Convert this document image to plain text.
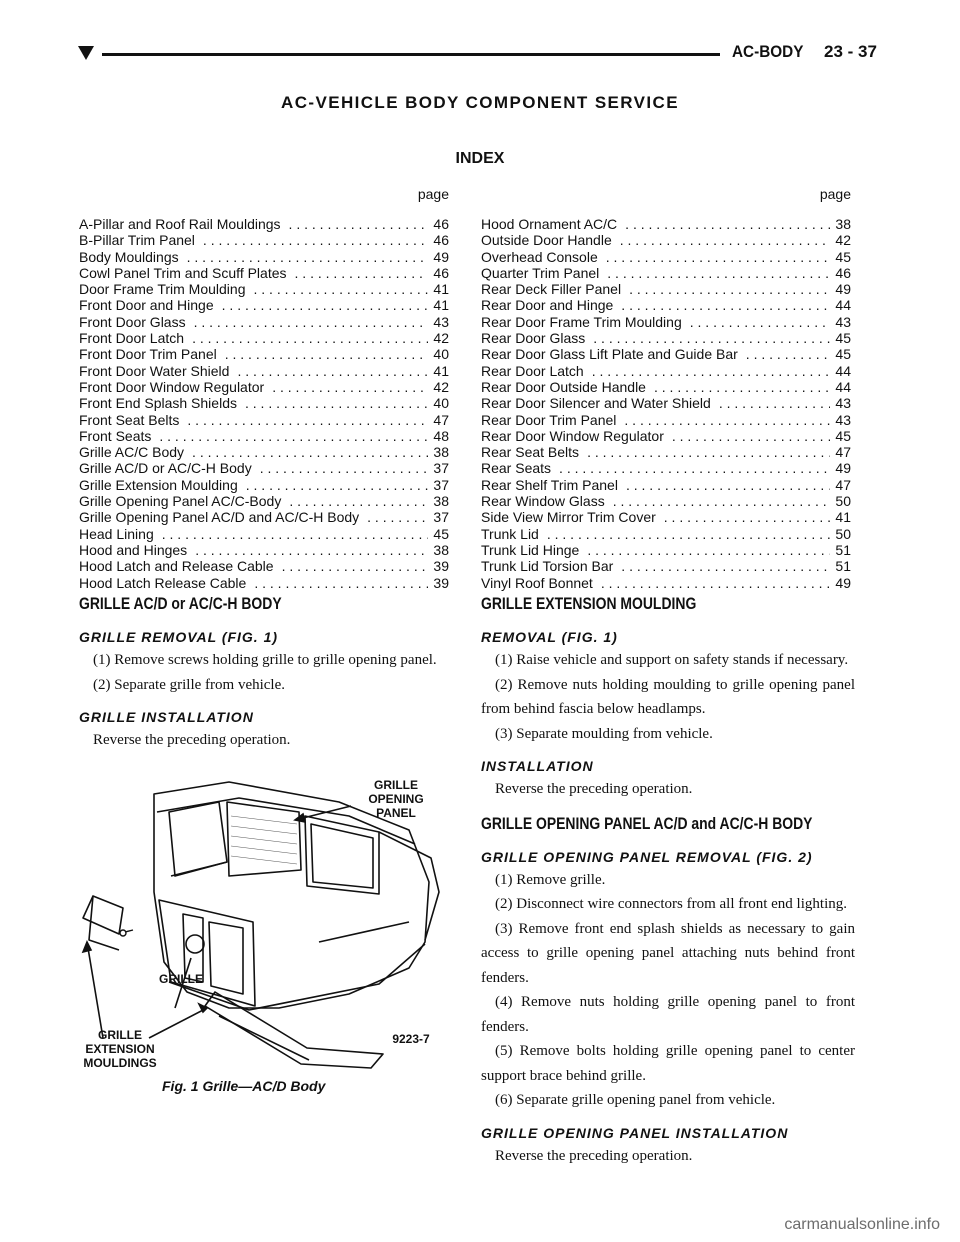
AC-BODY 23 - 37
AC-VEHICLE BODY COMPONENT SERVICE
INDEX
page
A-Pillar and Roof Rail Mouldings . . .	46
B-Pillar Trim Panel . . .	46
Body Mouldings . . .	49
Cowl Panel Trim and Scuff Plates . . .	46
Door Frame Trim Moulding . . .	41
Front Door and Hinge . . .	41
Front Door Glass . . .	43
Front Door Latch . . .	42
Front Door Trim Panel . . .	40
Front Door Water Shield . . .	41
Front Door Window Regulator . . .	42
Front End Splash Shields . . .	40
Front Seat Belts . . .	47
Front Seats . . .	48
Grille AC/C Body . . .	38
Grille AC/D or AC/C-H Body . . .	37
Grille Extension Moulding . . .	37
Grille Opening Panel AC/C-Body . . .	38
Grille Opening Panel AC/D and AC/C-H Body . . .	37
Head Lining . . .	45
Hood and Hinges . . .	38
Hood Latch and Release Cable . . .	39
Hood Latch Release Cable . . .	39
page
Hood Ornament AC/C . . .	38
Outside Door Handle . . .	42
Overhead Console . . .	45
Quarter Trim Panel . . .	46
Rear Deck Filler Panel . . .	49
Rear Door and Hinge . . .	44
Rear Door Frame Trim Moulding . . .	43
Rear Door Glass . . .	45
Rear Door Glass Lift Plate and Guide Bar . . .	45
Rear Door Latch . . .	44
Rear Door Outside Handle . . .	44
Rear Door Silencer and Water Shield . . .	43
Rear Door Trim Panel . . .	43
Rear Door Window Regulator . . .	45
Rear Seat Belts . . .	47
Rear Seats . . .	49
Rear Shelf Trim Panel . . .	47
Rear Window Glass . . .	50
Side View Mirror Trim Cover . . .	41
Trunk Lid . . .	50
Trunk Lid Hinge . . .	51
Trunk Lid Torsion Bar . . .	51
Vinyl Roof Bonnet . . .	49
GRILLE AC/D or AC/C-H BODY
GRILLE REMOVAL (FIG. 1)

(1) Remove screws holding grille to grille opening panel.

(2) Separate grille from vehicle.

GRILLE INSTALLATION

Reverse the preceding operation.

GRILLE OPENING PANEL
GRILLE
GRILLE EXTENSION MOULDINGS
9223-7
Fig. 1 Grille—AC/D Body
GRILLE EXTENSION MOULDING
REMOVAL (FIG. 1)

(1) Raise vehicle and support on safety stands if necessary.

(2) Remove nuts holding moulding to grille opening panel from behind fascia below headlamps.

(3) Separate moulding from vehicle.

INSTALLATION

Reverse the preceding operation.

GRILLE OPENING PANEL AC/D and AC/C-H BODY
GRILLE OPENING PANEL REMOVAL (FIG. 2)

(1) Remove grille.

(2) Disconnect wire connectors from all front end lighting.

(3) Remove front end splash shields as necessary to gain access to grille opening panel attaching nuts behind front fenders.

(4) Remove nuts holding grille opening panel to front fenders.

(5) Remove bolts holding grille opening panel to center support brace behind grille.

(6) Separate grille opening panel from vehicle.

GRILLE OPENING PANEL INSTALLATION

Reverse the preceding operation.

carmanualsonline.info
